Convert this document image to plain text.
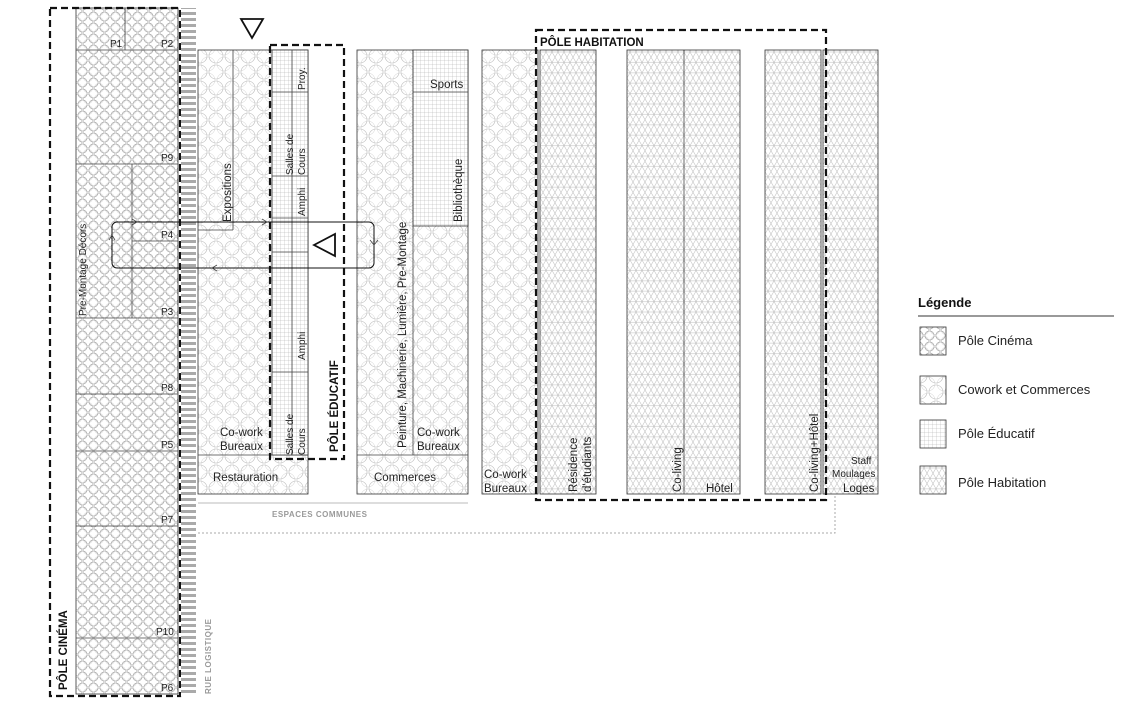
P1	P2
P9
P4
P3
P8
P5
P7
P10
P6
Pre-Montage Décors
PÔLE CINÉMA	RUE LOGISTIQUE
Expositions
Co-work
Bureaux
Restauration
Proy.
Salles de Cours
Amphi
Amphi
Salles de Cours PÔLE ÉDUCATIF
Sports
Bibliothèque
Peinture, Machinerie, Lumière, Pre-Montage Co-work
Bureaux
Commerces	Co-work
Bureaux	Résidence d'étudiants	Co-living Hôtel	Co-living+Hôtel	Staff
Moulages
Loges
PÔLE HABITATION
ESPACES COMMUNES
Légende
Pôle Cinéma
Cowork et Commerces
Pôle Éducatif
Pôle Habitation
